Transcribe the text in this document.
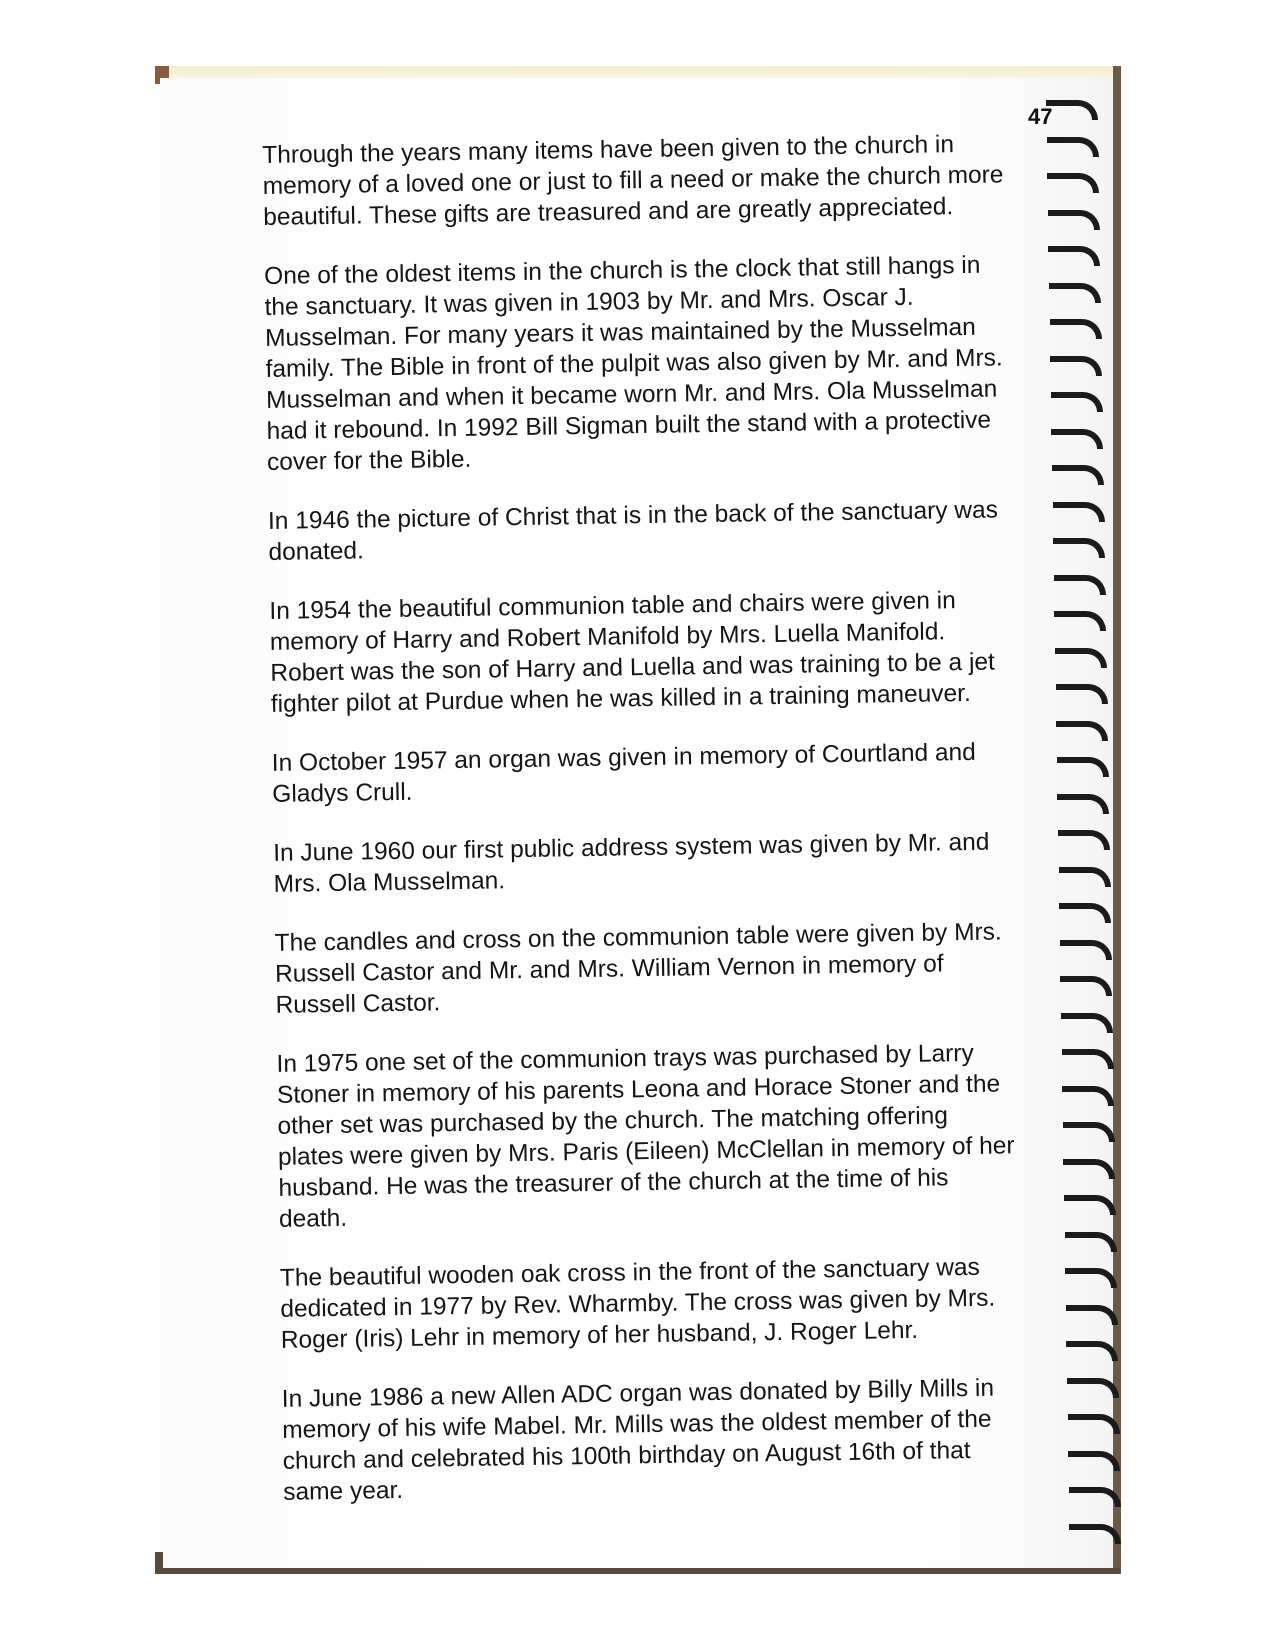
47

Through the years many items have been given to the church in
memory of a loved one or just to fill a need or make the church more
beautiful. These gifts are treasured and are greatly appreciated.

One of the oldest items in the church is the clock that still hangs in
the sanctuary. It was given in 1903 by Mr. and Mrs. Oscar J.
Musselman. For many years it was maintained by the Musselman
family. The Bible in front of the pulpit was also given by Mr. and Mrs.
Musselman and when it became worn Mr. and Mrs. Ola Musselman
had it rebound. In 1992 Bill Sigman built the stand with a protective
cover for the Bible.

In 1946 the picture of Christ that is in the back of the sanctuary was
donated.

In 1954 the beautiful communion table and chairs were given in
memory of Harry and Robert Manifold by Mrs. Luella Manifold.
Robert was the son of Harry and Luella and was training to be a jet
fighter pilot at Purdue when he was killed in a training maneuver.

In October 1957 an organ was given in memory of Courtland and
Gladys Crull.

In June 1960 our first public address system was given by Mr. and
Mrs. Ola Musselman.

The candles and cross on the communion table were given by Mrs.
Russell Castor and Mr. and Mrs. William Vernon in memory of
Russell Castor.

In 1975 one set of the communion trays was purchased by Larry
Stoner in memory of his parents Leona and Horace Stoner and the
other set was purchased by the church. The matching offering
plates were given by Mrs. Paris (Eileen) McClellan in memory of her
husband. He was the treasurer of the church at the time of his
death.

The beautiful wooden oak cross in the front of the sanctuary was
dedicated in 1977 by Rev. Wharmby. The cross was given by Mrs.
Roger (Iris) Lehr in memory of her husband, J. Roger Lehr.

In June 1986 a new Allen ADC organ was donated by Billy Mills in
memory of his wife Mabel. Mr. Mills was the oldest member of the
church and celebrated his 100th birthday on August 16th of that
same year.
